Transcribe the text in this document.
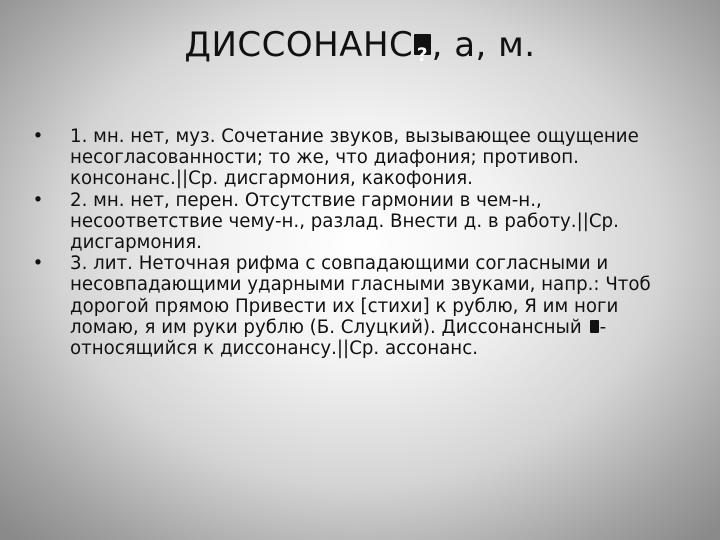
ДИССОНАНС? , а, м.
• 1. мн. нет, муз. Сочетание звуков, вызывающее ощущение несогласованности; то же, что диафония; противоп. консонанс.||Ср. дисгармония, какофония.
• 2. мн. нет, перен. Отсутствие гармонии в чем-н., несоответствие чему-н., разлад. Внести д. в работу.||Ср. дисгармония.
• 3. лит. Неточная рифма с совпадающими согласными и несовпадающими ударными гласными звуками, напр.: Чтоб дорогой прямою Привести их [стихи] к рублю, Я им ноги ломаю, я им руки рублю (Б. Слуцкий). Диссонансный - относящийся к диссонансу.||Ср. ассонанс.
